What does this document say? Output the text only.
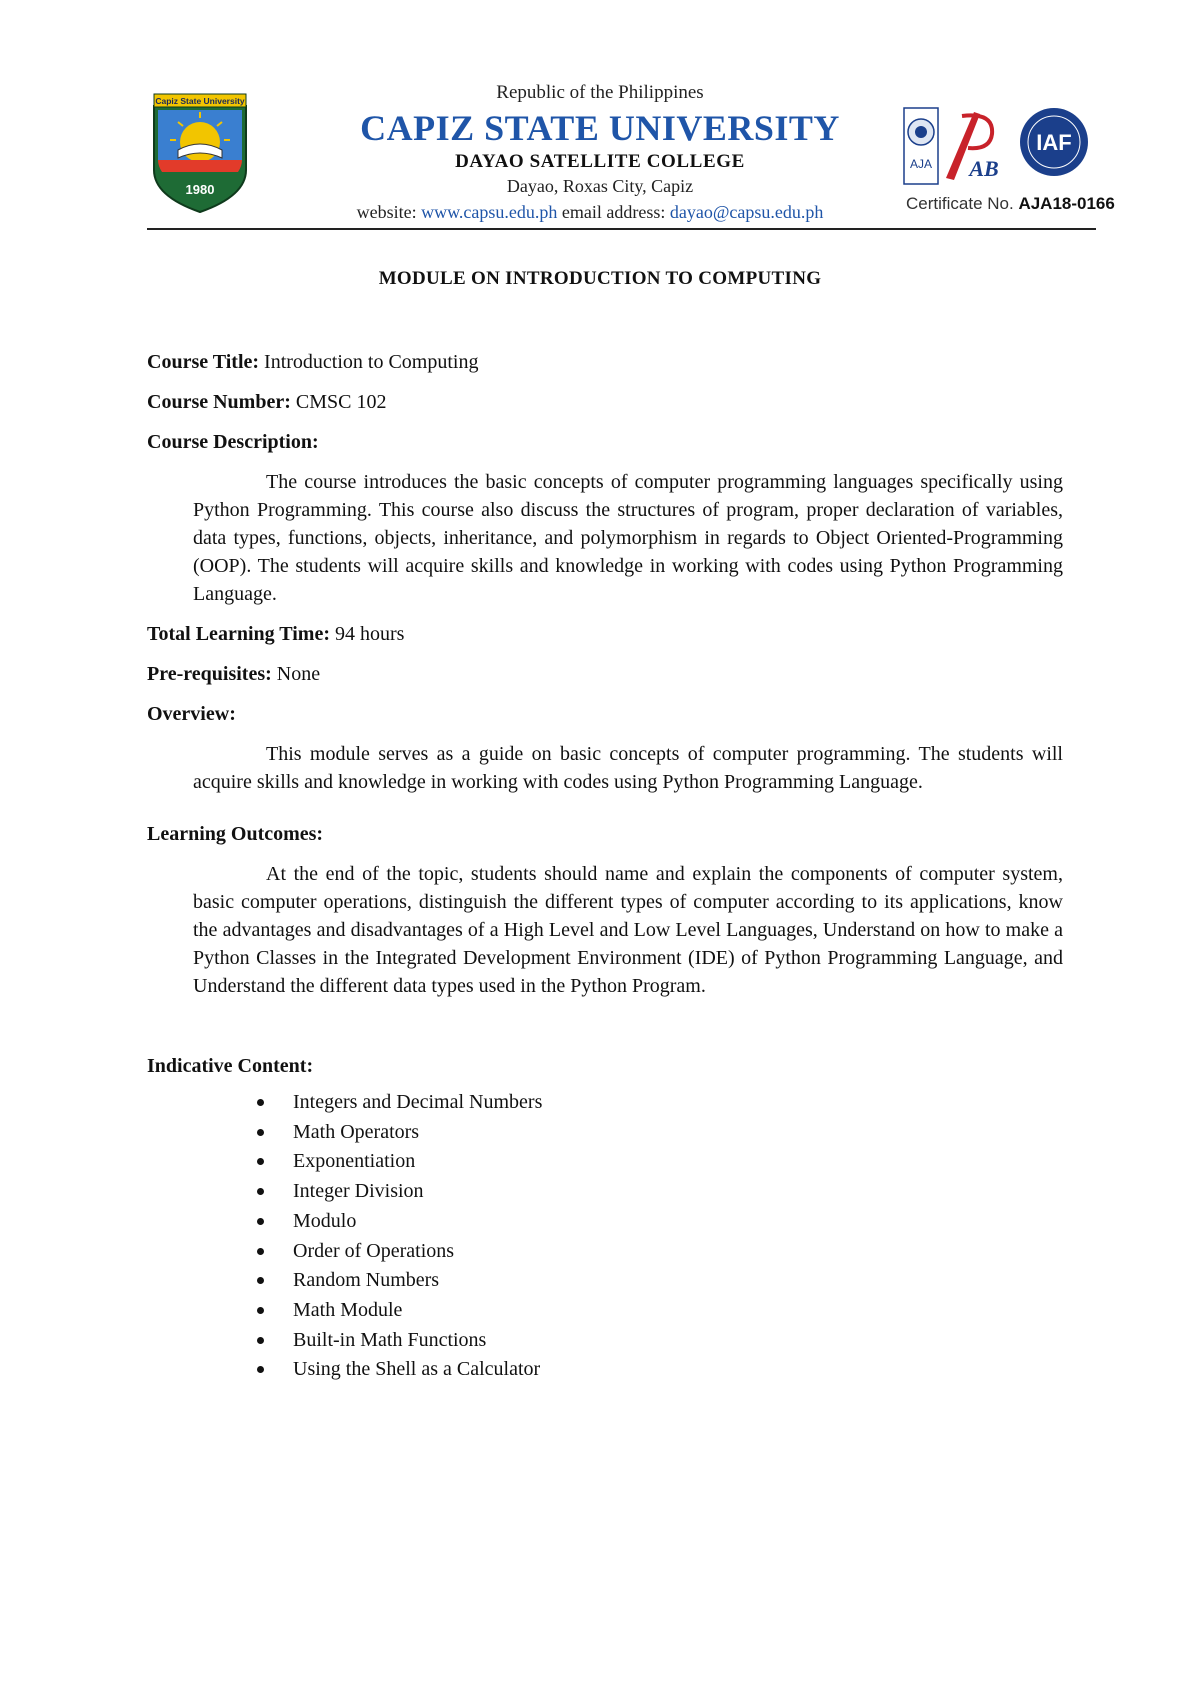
Capiz State University
1980
Republic of the Philippines
CAPIZ STATE UNIVERSITY
DAYAO SATELLITE COLLEGE
Dayao, Roxas City, Capiz
website: www.capsu.edu.ph email address: dayao@capsu.edu.ph
AJA AB
IAF
Certificate No. AJA18-0166
MODULE ON INTRODUCTION TO COMPUTING

Course Title: Introduction to Computing

Course Number: CMSC 102

Course Description:

The course introduces the basic concepts of computer programming languages specifically using Python Programming. This course also discuss the structures of program, proper declaration of variables, data types, functions, objects, inheritance, and polymorphism in regards to Object Oriented-Programming (OOP). The students will acquire skills and knowledge in working with codes using Python Programming Language.

Total Learning Time: 94 hours

Pre-requisites: None

Overview:

This module serves as a guide on basic concepts of computer programming. The students will acquire skills and knowledge in working with codes using Python Programming Language.

Learning Outcomes:

At the end of the topic, students should name and explain the components of computer system, basic computer operations, distinguish the different types of computer according to its applications, know the advantages and disadvantages of a High Level and Low Level Languages, Understand on how to make a Python Classes in the Integrated Development Environment (IDE) of Python Programming Language, and Understand the different data types used in the Python Program.

Indicative Content:

Integers and Decimal Numbers
Math Operators
Exponentiation
Integer Division
Modulo
Order of Operations
Random Numbers
Math Module
Built-in Math Functions
Using the Shell as a Calculator
